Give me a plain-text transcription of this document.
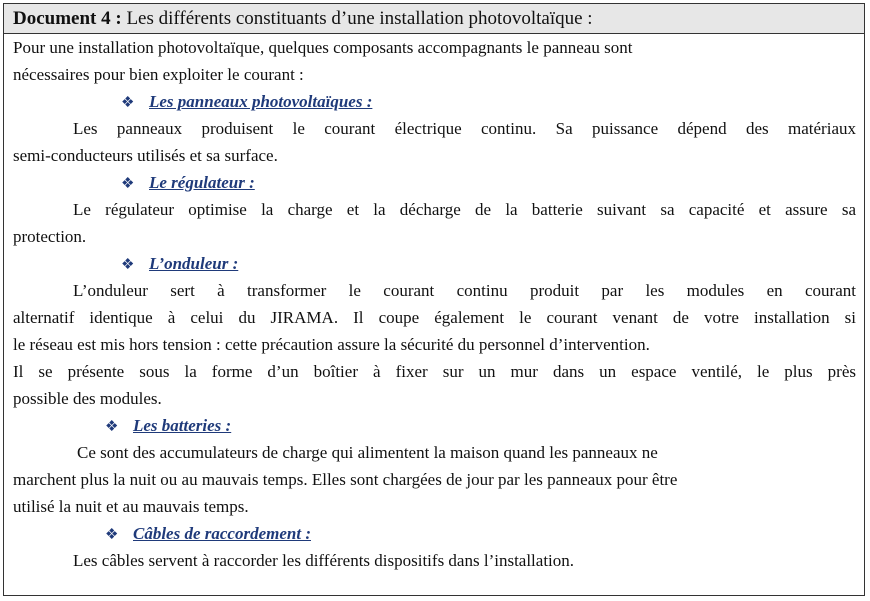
Document 4 : Les différents constituants d’une installation photovoltaïque :
Pour une installation photovoltaïque, quelques composants accompagnants le panneau sont
nécessaires pour bien exploiter le courant :
❖ Les panneaux photovoltaïques :
Les panneaux produisent le courant électrique continu. Sa puissance dépend des matériaux
semi-conducteurs utilisés et sa surface.
❖ Le régulateur :
Le régulateur optimise la charge et la décharge de la batterie suivant sa capacité et assure sa
protection.
❖ L’onduleur :
L’onduleur sert à transformer le courant continu produit par les modules en courant
alternatif identique à celui du JIRAMA. Il coupe également le courant venant de votre installation si
le réseau est mis hors tension : cette précaution assure la sécurité du personnel d’intervention.
Il se présente sous la forme d’un boîtier à fixer sur un mur dans un espace ventilé, le plus près
possible des modules.
❖ Les batteries :
Ce sont des accumulateurs de charge qui alimentent la maison quand les panneaux ne
marchent plus la nuit ou au mauvais temps. Elles sont chargées de jour par les panneaux pour être
utilisé la nuit et au mauvais temps.
❖ Câbles de raccordement :
Les câbles servent à raccorder les différents dispositifs dans l’installation.
